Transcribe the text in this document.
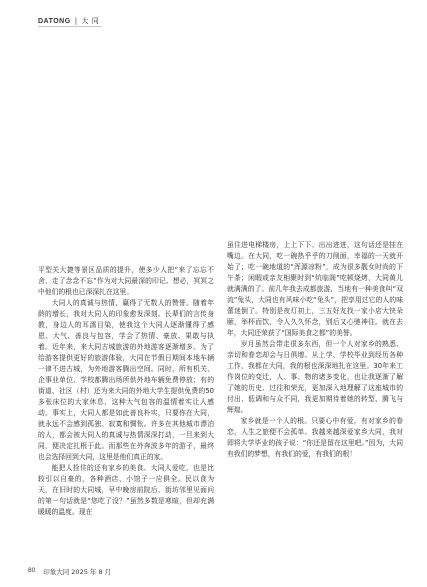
DATONG | 大 同

平型关大捷等景区品质的提升，使多少人把“来了忘忘不舍、走了念念不忘”作为对大同最深的印记。想必，冥冥之中他们的根也已深深扎在这里。

大同人的真诚与热情，赢得了无数人的赞誉。随着年龄的增长，我对大同人的印象愈发深刻。长辈们的言传身教，身边人的耳濡目染，使我这个大同人逐渐懂得了感恩、大气、善良与包容，学会了热情、豪放、果敢与执着。近年来，来大同古城旅游的外地游客逐渐增多。为了给游客提供更好的旅游体验，大同在节假日期间本地车辆一律不进古城，为外地游客腾出空间。同时，所有机关、企事业单位、学校都腾出场所供外地车辆免费停放；有的街道、社区（村）还为来大同的外地大学生提供免费的50多张床位的大家休息，这种大气包容的温情着实让人感动。事实上，大同人都是如此善良朴实，只要你在大同，就永远不会感到孤独、寂寞和惆怅。许多在其他城市漂泊的人，都会被大同人的真诚与热情深深打动，一旦来到大同，便决定扎根于此。而那些在外奔波多年的游子，最终也会选择回到大同，这里是他们真正的家。

能把人拴住的还有家乡的美食。大同人爱吃，也是比较引以自豪的，各种酒店、小馆子一应俱全。民以食为天，在旧时的大同城，早中晚房前院后、街坊邻里见面问的第一句话就是“您吃了没？”虽然多数是寒暄，但却充满暖暖的温度。现在

虽住进电梯楼房，上上下下、出出进进，这句话还是挂在嘴边。在大同，吃一碗热乎乎的刀削面，幸福的一天就开始了；吃一碗地道的“浑源凉粉”，成为很多靓女时尚的下午茶；闲暇或亲友相聚时到“炕临阁”吃顿烧烤，大同黄儿就满满的了。前几年我去成都旅游，当地有一种美食叫“双流”兔头，大同也有风味小吃“兔头”，把享用过它的人的味蕾迷倒了。特别是夜灯初上，三五好友找一家小店大快朵颐，举杯而饮，令人久久怀念，别后又心驰神往。就在去年，大同还荣获了“国际美食之都”的美誉。

岁月虽然会带走很多东西，但一个人对家乡的熟悉、亲切和眷恋却会与日俱增。从上学、学校毕业到经历各种工作，我都在大同，我的根也深深地扎在这里。30年来工作岗位的变迁，人、事、物的诸多变化，也让我逐渐了解了她的历史、过往和荣光，更加深入地理解了这座城市的付出、低调和与众不同，我更加期待着她的转型、腾飞与辉煌。

家乡就是一个人的根。只要心中有爱，有对家乡的眷恋，人生之旅便不会孤单。我越来越深爱家乡大同，我对即将大学毕业的孩子说：“你还是留在这里吧。”因为，大同有我们的梦想，有我们的爱，有我们的根！

80 印象大同 2025 年 8 月
